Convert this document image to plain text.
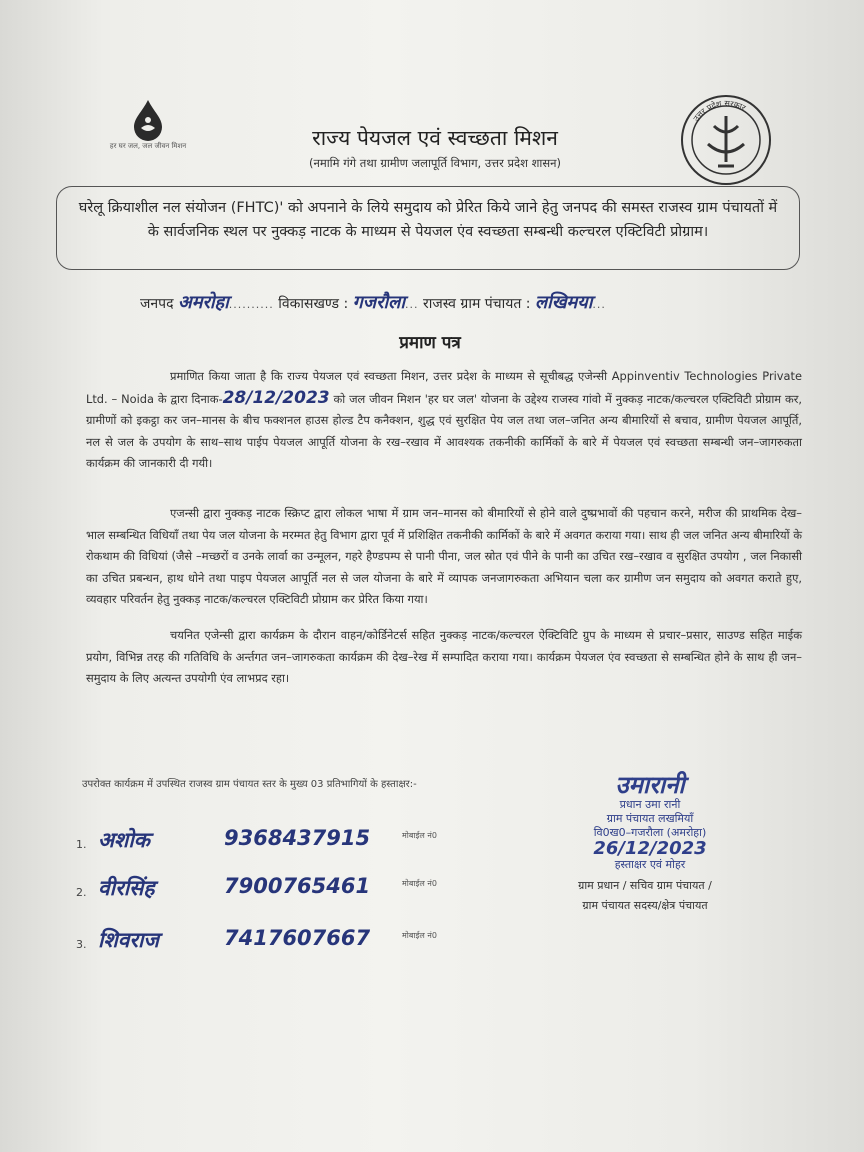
हर घर जल, जल जीवन मिशन	राज्य पेयजल एवं स्वच्छता मिशन
(नमामि गंगे तथा ग्रामीण जलापूर्ति विभाग, उत्तर प्रदेश शासन)
उत्तर प्रदेश सरकार
घरेलू क्रियाशील नल संयोजन (FHTC)' को अपनाने के लिये समुदाय को प्रेरित किये जाने हेतु जनपद की समस्त राजस्व ग्राम पंचायतों में के सार्वजनिक स्थल पर नुक्कड़ नाटक के माध्यम से पेयजल एंव स्वच्छता सम्बन्धी कल्चरल एक्टिविटी प्रोग्राम।
जनपद अमरोहा.......... विकासखण्ड : गजरौला... राजस्व ग्राम पंचायत : लखिमया...
प्रमाण पत्र
प्रमाणित किया जाता है कि राज्य पेयजल एवं स्वच्छता मिशन, उत्तर प्रदेश के माध्यम से सूचीबद्ध एजेन्सी Appinventiv Technologies Private Ltd. – Noida के द्वारा दिनाक-28/12/2023 को जल जीवन मिशन 'हर घर जल' योजना के उद्देश्य राजस्व गांवो में नुक्कड़ नाटक/कल्चरल एक्टिविटी प्रोग्राम कर, ग्रामीणों को इकट्ठा कर जन–मानस के बीच फक्शनल हाउस होल्ड टैप कनैक्शन, शुद्ध एवं सुरक्षित पेय जल तथा जल–जनित अन्य बीमारियों से बचाव, ग्रामीण पेयजल आपूर्ति, नल से जल के उपयोग के साथ–साथ पाईप पेयजल आपूर्ति योजना के रख–रखाव में आवश्यक तकनीकी कार्मिकों के बारे में पेयजल एवं स्वच्छता सम्बन्धी जन–जागरुकता कार्यक्रम की जानकारी दी गयी।
एजन्सी द्वारा नुक्कड़ नाटक स्क्रिप्ट द्वारा लोकल भाषा में ग्राम जन–मानस को बीमारियों से होने वाले दुष्प्रभावों की पहचान करने, मरीज की प्राथमिक देख–भाल सम्बन्धित विधियाँ तथा पेय जल योजना के मरम्मत हेतु विभाग द्वारा पूर्व में प्रशिक्षित तकनीकी कार्मिकों के बारे में अवगत कराया गया। साथ ही जल जनित अन्य बीमारियों के रोकथाम की विधियां (जैसे –मच्छरों व उनके लार्वा का उन्मूलन, गहरे हैण्डपम्प से पानी पीना, जल स्रोत एवं पीने के पानी का उचित रख–रखाव व सुरक्षित उपयोग , जल निकासी का उचित प्रबन्धन, हाथ धोने तथा पाइप पेयजल आपूर्ति नल से जल योजना के बारे में व्यापक जनजागरुकता अभियान चला कर ग्रामीण जन समुदाय को अवगत कराते हुए, व्यवहार परिवर्तन हेतु नुक्कड़ नाटक/कल्चरल एक्टिविटी प्रोग्राम कर प्रेरित किया गया।
चयनित एजेन्सी द्वारा कार्यक्रम के दौरान वाहन/कोर्डिनेटर्स सहित नुक्कड़ नाटक/कल्चरल ऐक्टिविटि ग्रुप के माध्यम से प्रचार–प्रसार, साउण्ड सहित माईक प्रयोग, विभिन्न तरह की गतिविधि के अर्न्तगत जन–जागरुकता कार्यक्रम की देख–रेख में सम्पादित कराया गया। कार्यक्रम पेयजल एंव स्वच्छता से सम्बन्धित होने के साथ ही जन–समुदाय के लिए अत्यन्त उपयोगी एंव लाभप्रद रहा।
उपरोक्त कार्यक्रम में उपस्थित राजस्व ग्राम पंचायत स्तर के मुख्य 03 प्रतिभागियों के हस्ताक्षर:-
1. अशोक	9368437915	मोबाईल नं0
2. वीरसिंह	7900765461	मोबाईल नं0
3. शिवराज	7417607667	मोबाईल नं0
उमारानी
प्रधान उमा रानी
ग्राम पंचायत लखमियाँ
वि0ख0–गजरौला (अमरोहा)
26/12/2023
हस्ताक्षर एवं मोहर
ग्राम प्रधान / सचिव ग्राम पंचायत /
ग्राम पंचायत सदस्य/क्षेत्र पंचायत
